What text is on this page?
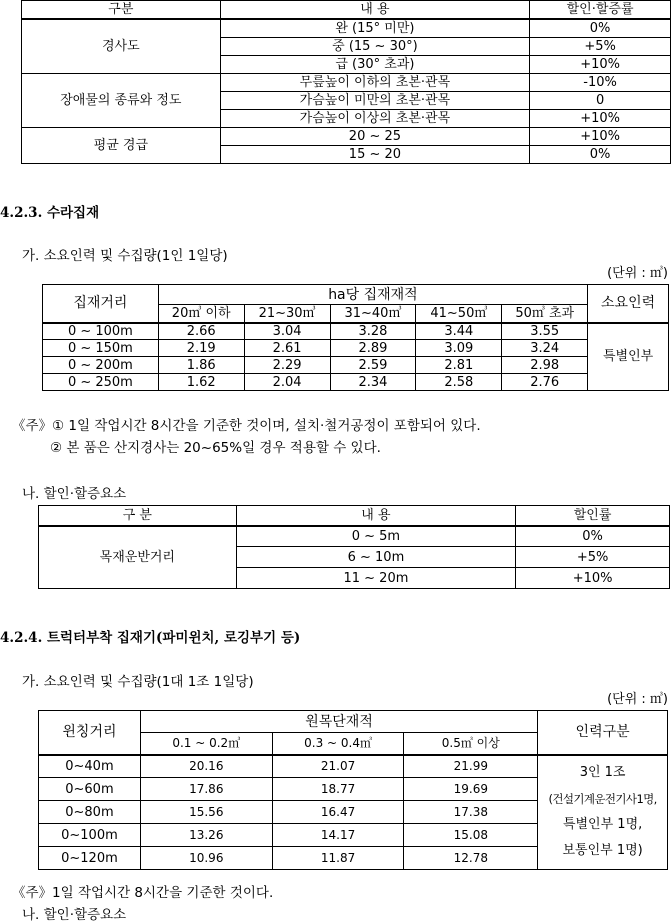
구분	내 용	할인·할증률
경사도	완 (15° 미만)	0%
	중 (15 ~ 30°)	+5%
	급 (30° 초과)	+10%
장애물의 종류와 정도	무릎높이 이하의 초본·관목	-10%
	가슴높이 미만의 초본·관목	0
	가슴높이 이상의 초본·관목	+10%
평균 경급	20 ~ 25	+10%
	15 ~ 20	0%
4.2.3. 수라집재
가. 소요인력 및 수집량(1인 1일당)
(단위 : ㎥)
집재거리	ha당 집재재적					소요인력
	20㎥ 이하	21~30㎥	31~40㎥	41~50㎥	50㎥ 초과	
0 ~ 100m	2.66	3.04	3.28	3.44	3.55	특별인부
0 ~ 150m	2.19	2.61	2.89	3.09	3.24	
0 ~ 200m	1.86	2.29	2.59	2.81	2.98	
0 ~ 250m	1.62	2.04	2.34	2.58	2.76	
《주》① 1일 작업시간 8시간을 기준한 것이며, 설치·철거공정이 포함되어 있다.
② 본 품은 산지경사는 20~65%일 경우 적용할 수 있다.
나. 할인·할증요소
구 분	내 용	할인률
목재운반거리	0 ~ 5m	0%
	6 ~ 10m	+5%
	11 ~ 20m	+10%
4.2.4. 트럭터부착 집재기(파미윈치, 로깅부기 등)
가. 소요인력 및 수집량(1대 1조 1일당)
(단위 : ㎥)
윈칭거리	원목단재적			인력구분
	0.1 ~ 0.2㎥	0.3 ~ 0.4㎥	0.5㎥ 이상	
0~40m	20.16	21.07	21.99	3인 1조
(건설기계운전기사1명,
특별인부 1명,
보통인부 1명)

0~60m	17.86	18.77	19.69	
0~80m	15.56	16.47	17.38	
0~100m	13.26	14.17	15.08	
0~120m	10.96	11.87	12.78	
《주》1일 작업시간 8시간을 기준한 것이다.
나. 할인·할증요소
